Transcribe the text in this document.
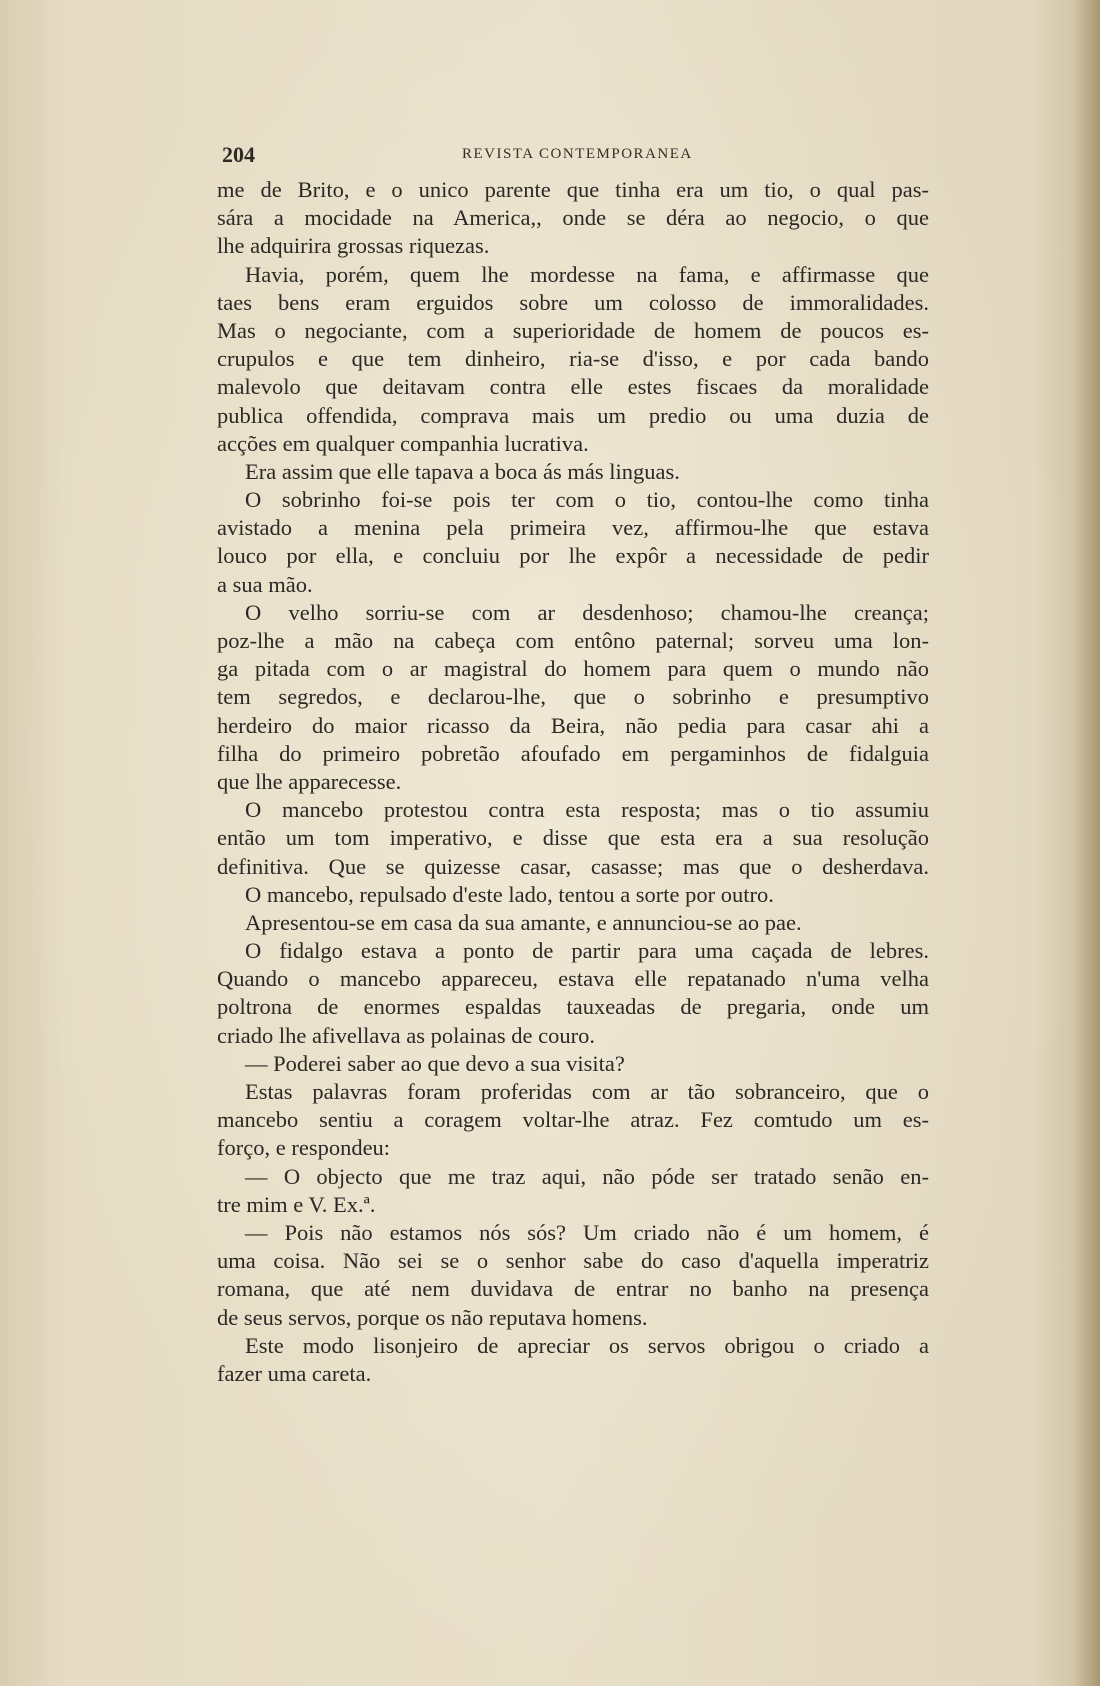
204	REVISTA CONTEMPORANEA
me de Brito, e o unico parente que tinha era um tio, o qual pas-
sára a mocidade na America,, onde se déra ao negocio, o que
lhe adquirira grossas riquezas.
Havia, porém, quem lhe mordesse na fama, e affirmasse que
taes bens eram erguidos sobre um colosso de immoralidades.
Mas o negociante, com a superioridade de homem de poucos es-
crupulos e que tem dinheiro, ria-se d'isso, e por cada bando
malevolo que deitavam contra elle estes fiscaes da moralidade
publica offendida, comprava mais um predio ou uma duzia de
acções em qualquer companhia lucrativa.
Era assim que elle tapava a boca ás más linguas.
O sobrinho foi-se pois ter com o tio, contou-lhe como tinha
avistado a menina pela primeira vez, affirmou-lhe que estava
louco por ella, e concluiu por lhe expôr a necessidade de pedir
a sua mão.
O velho sorriu-se com ar desdenhoso; chamou-lhe creança;
poz-lhe a mão na cabeça com entôno paternal; sorveu uma lon-
ga pitada com o ar magistral do homem para quem o mundo não
tem segredos, e declarou-lhe, que o sobrinho e presumptivo
herdeiro do maior ricasso da Beira, não pedia para casar ahi a
filha do primeiro pobretão afoufado em pergaminhos de fidalguia
que lhe apparecesse.
O mancebo protestou contra esta resposta; mas o tio assumiu
então um tom imperativo, e disse que esta era a sua resolução
definitiva. Que se quizesse casar, casasse; mas que o desherdava.
O mancebo, repulsado d'este lado, tentou a sorte por outro.
Apresentou-se em casa da sua amante, e annunciou-se ao pae.
O fidalgo estava a ponto de partir para uma caçada de lebres.
Quando o mancebo appareceu, estava elle repatanado n'uma velha
poltrona de enormes espaldas tauxeadas de pregaria, onde um
criado lhe afivellava as polainas de couro.
— Poderei saber ao que devo a sua visita?
Estas palavras foram proferidas com ar tão sobranceiro, que o
mancebo sentiu a coragem voltar-lhe atraz. Fez comtudo um es-
forço, e respondeu:
— O objecto que me traz aqui, não póde ser tratado senão en-
tre mim e V. Ex.ª.
— Pois não estamos nós sós? Um criado não é um homem, é
uma coisa. Não sei se o senhor sabe do caso d'aquella imperatriz
romana, que até nem duvidava de entrar no banho na presença
de seus servos, porque os não reputava homens.
Este modo lisonjeiro de apreciar os servos obrigou o criado a
fazer uma careta.
